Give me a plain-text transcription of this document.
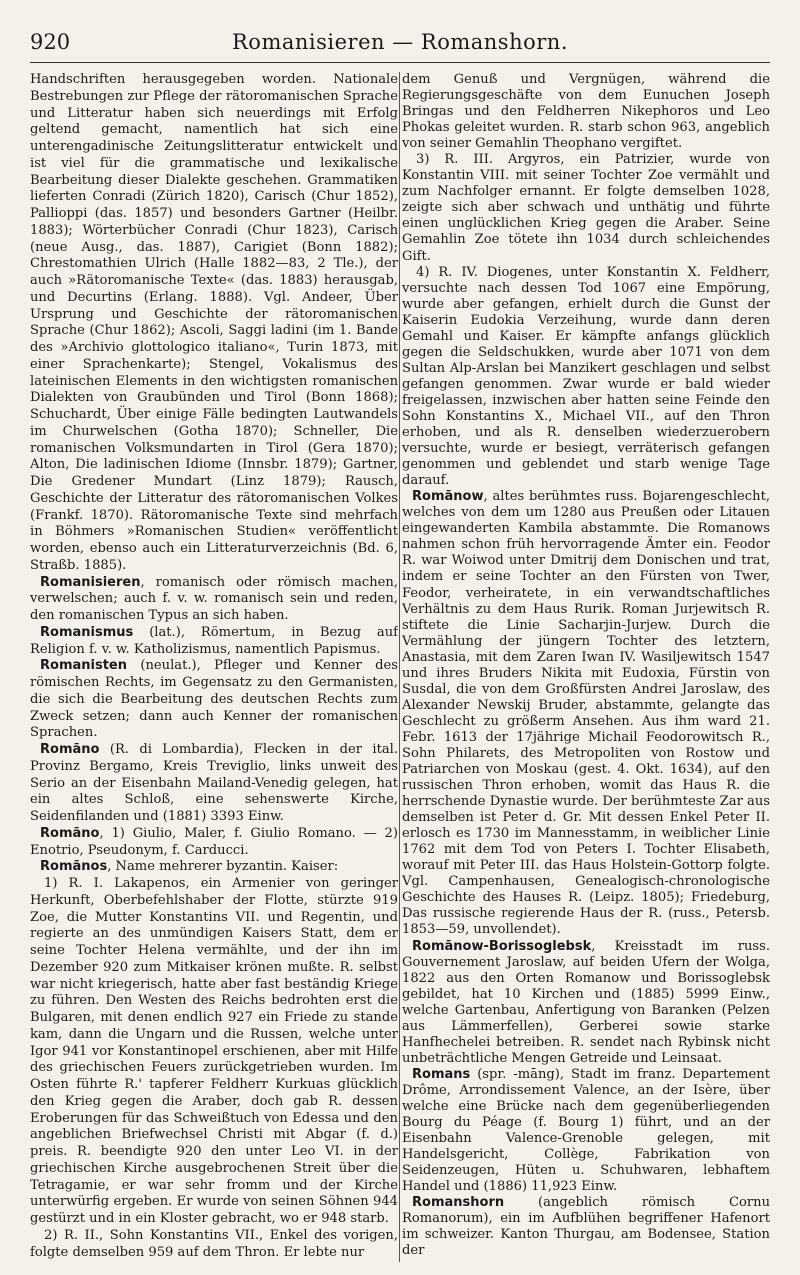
920	Romanisieren — Romanshorn.

Handschriften herausgegeben worden. Nationale Bestrebungen zur Pflege der rätoromanischen Sprache und Litteratur haben sich neuerdings mit Erfolg geltend gemacht, namentlich hat sich eine unterengadinische Zeitungslitteratur entwickelt und ist viel für die grammatische und lexikalische Bearbeitung dieser Dialekte geschehen. Grammatiken lieferten Conradi (Zürich 1820), Carisch (Chur 1852), Pallioppi (das. 1857) und besonders Gartner (Heilbr. 1883); Wörterbücher Conradi (Chur 1823), Carisch (neue Ausg., das. 1887), Carigiet (Bonn 1882); Chrestomathien Ulrich (Halle 1882—83, 2 Tle.), der auch »Rätoromanische Texte« (das. 1883) herausgab, und Decurtins (Erlang. 1888). Vgl. Andeer, Über Ursprung und Geschichte der rätoromanischen Sprache (Chur 1862); Ascoli, Saggi ladini (im 1. Bande des »Archivio glottologico italiano«, Turin 1873, mit einer Sprachenkarte); Stengel, Vokalismus des lateinischen Elements in den wichtigsten romanischen Dialekten von Graubünden und Tirol (Bonn 1868); Schuchardt, Über einige Fälle bedingten Lautwandels im Churwelschen (Gotha 1870); Schneller, Die romanischen Volksmundarten in Tirol (Gera 1870); Alton, Die ladinischen Idiome (Innsbr. 1879); Gartner, Die Gredener Mundart (Linz 1879); Rausch, Geschichte der Litteratur des rätoromanischen Volkes (Frankf. 1870). Rätoromanische Texte sind mehrfach in Böhmers »Romanischen Studien« veröffentlicht worden, ebenso auch ein Litteraturverzeichnis (Bd. 6, Straßb. 1885).

Romanisieren, romanisch oder römisch machen, verwelschen; auch f. v. w. romanisch sein und reden, den romanischen Typus an sich haben.

Romanismus (lat.), Römertum, in Bezug auf Religion f. v. w. Katholizismus, namentlich Papismus.

Romanisten (neulat.), Pfleger und Kenner des römischen Rechts, im Gegensatz zu den Germanisten, die sich die Bearbeitung des deutschen Rechts zum Zweck setzen; dann auch Kenner der romanischen Sprachen.

Romāno (R. di Lombardia), Flecken in der ital. Provinz Bergamo, Kreis Treviglio, links unweit des Serio an der Eisenbahn Mailand-Venedig gelegen, hat ein altes Schloß, eine sehenswerte Kirche, Seidenfilanden und (1881) 3393 Einw.

Romāno, 1) Giulio, Maler, f. Giulio Romano. — 2) Enotrio, Pseudonym, f. Carducci.

Romānos, Name mehrerer byzantin. Kaiser:

1) R. I. Lakapenos, ein Armenier von geringer Herkunft, Oberbefehlshaber der Flotte, stürzte 919 Zoe, die Mutter Konstantins VII. und Regentin, und regierte an des unmündigen Kaisers Statt, dem er seine Tochter Helena vermählte, und der ihn im Dezember 920 zum Mitkaiser krönen mußte. R. selbst war nicht kriegerisch, hatte aber fast beständig Kriege zu führen. Den Westen des Reichs bedrohten erst die Bulgaren, mit denen endlich 927 ein Friede zu stande kam, dann die Ungarn und die Russen, welche unter Igor 941 vor Konstantinopel erschienen, aber mit Hilfe des griechischen Feuers zurückgetrieben wurden. Im Osten führte R.' tapferer Feldherr Kurkuas glücklich den Krieg gegen die Araber, doch gab R. dessen Eroberungen für das Schweißtuch von Edessa und den angeblichen Briefwechsel Christi mit Abgar (f. d.) preis. R. beendigte 920 den unter Leo VI. in der griechischen Kirche ausgebrochenen Streit über die Tetragamie, er war sehr fromm und der Kirche unterwürfig ergeben. Er wurde von seinen Söhnen 944 gestürzt und in ein Kloster gebracht, wo er 948 starb.

2) R. II., Sohn Konstantins VII., Enkel des vorigen, folgte demselben 959 auf dem Thron. Er lebte nur

dem Genuß und Vergnügen, während die Regierungsgeschäfte von dem Eunuchen Joseph Bringas und den Feldherren Nikephoros und Leo Phokas geleitet wurden. R. starb schon 963, angeblich von seiner Gemahlin Theophano vergiftet.

3) R. III. Argyros, ein Patrizier, wurde von Konstantin VIII. mit seiner Tochter Zoe vermählt und zum Nachfolger ernannt. Er folgte demselben 1028, zeigte sich aber schwach und unthätig und führte einen unglücklichen Krieg gegen die Araber. Seine Gemahlin Zoe tötete ihn 1034 durch schleichendes Gift.

4) R. IV. Diogenes, unter Konstantin X. Feldherr, versuchte nach dessen Tod 1067 eine Empörung, wurde aber gefangen, erhielt durch die Gunst der Kaiserin Eudokia Verzeihung, wurde dann deren Gemahl und Kaiser. Er kämpfte anfangs glücklich gegen die Seldschukken, wurde aber 1071 von dem Sultan Alp-Arslan bei Manzikert geschlagen und selbst gefangen genommen. Zwar wurde er bald wieder freigelassen, inzwischen aber hatten seine Feinde den Sohn Konstantins X., Michael VII., auf den Thron erhoben, und als R. denselben wiederzuerobern versuchte, wurde er besiegt, verräterisch gefangen genommen und geblendet und starb wenige Tage darauf.

Romānow, altes berühmtes russ. Bojarengeschlecht, welches von dem um 1280 aus Preußen oder Litauen eingewanderten Kambila abstammte. Die Romanows nahmen schon früh hervorragende Ämter ein. Feodor R. war Woiwod unter Dmitrij dem Donischen und trat, indem er seine Tochter an den Fürsten von Twer, Feodor, verheiratete, in ein verwandtschaftliches Verhältnis zu dem Haus Rurik. Roman Jurjewitsch R. stiftete die Linie Sacharjin-Jurjew. Durch die Vermählung der jüngern Tochter des letztern, Anastasia, mit dem Zaren Iwan IV. Wasiljewitsch 1547 und ihres Bruders Nikita mit Eudoxia, Fürstin von Susdal, die von dem Großfürsten Andrei Jaroslaw, des Alexander Newskij Bruder, abstammte, gelangte das Geschlecht zu größerm Ansehen. Aus ihm ward 21. Febr. 1613 der 17jährige Michail Feodorowitsch R., Sohn Philarets, des Metropoliten von Rostow und Patriarchen von Moskau (gest. 4. Okt. 1634), auf den russischen Thron erhoben, womit das Haus R. die herrschende Dynastie wurde. Der berühmteste Zar aus demselben ist Peter d. Gr. Mit dessen Enkel Peter II. erlosch es 1730 im Mannesstamm, in weiblicher Linie 1762 mit dem Tod von Peters I. Tochter Elisabeth, worauf mit Peter III. das Haus Holstein-Gottorp folgte. Vgl. Campenhausen, Genealogisch-chronologische Geschichte des Hauses R. (Leipz. 1805); Friedeburg, Das russische regierende Haus der R. (russ., Petersb. 1853—59, unvollendet).

Romānow-Borissoglebsk, Kreisstadt im russ. Gouvernement Jaroslaw, auf beiden Ufern der Wolga, 1822 aus den Orten Romanow und Borissoglebsk gebildet, hat 10 Kirchen und (1885) 5999 Einw., welche Gartenbau, Anfertigung von Baranken (Pelzen aus Lämmerfellen), Gerberei sowie starke Hanfhechelei betreiben. R. sendet nach Rybinsk nicht unbeträchtliche Mengen Getreide und Leinsaat.

Romans (spr. -māng), Stadt im franz. Departement Drôme, Arrondissement Valence, an der Isère, über welche eine Brücke nach dem gegenüberliegenden Bourg du Péage (f. Bourg 1) führt, und an der Eisenbahn Valence-Grenoble gelegen, mit Handelsgericht, Collège, Fabrikation von Seidenzeugen, Hüten u. Schuhwaren, lebhaftem Handel und (1886) 11,923 Einw.

Romanshorn (angeblich römisch Cornu Romanorum), ein im Aufblühen begriffener Hafenort im schweizer. Kanton Thurgau, am Bodensee, Station der
